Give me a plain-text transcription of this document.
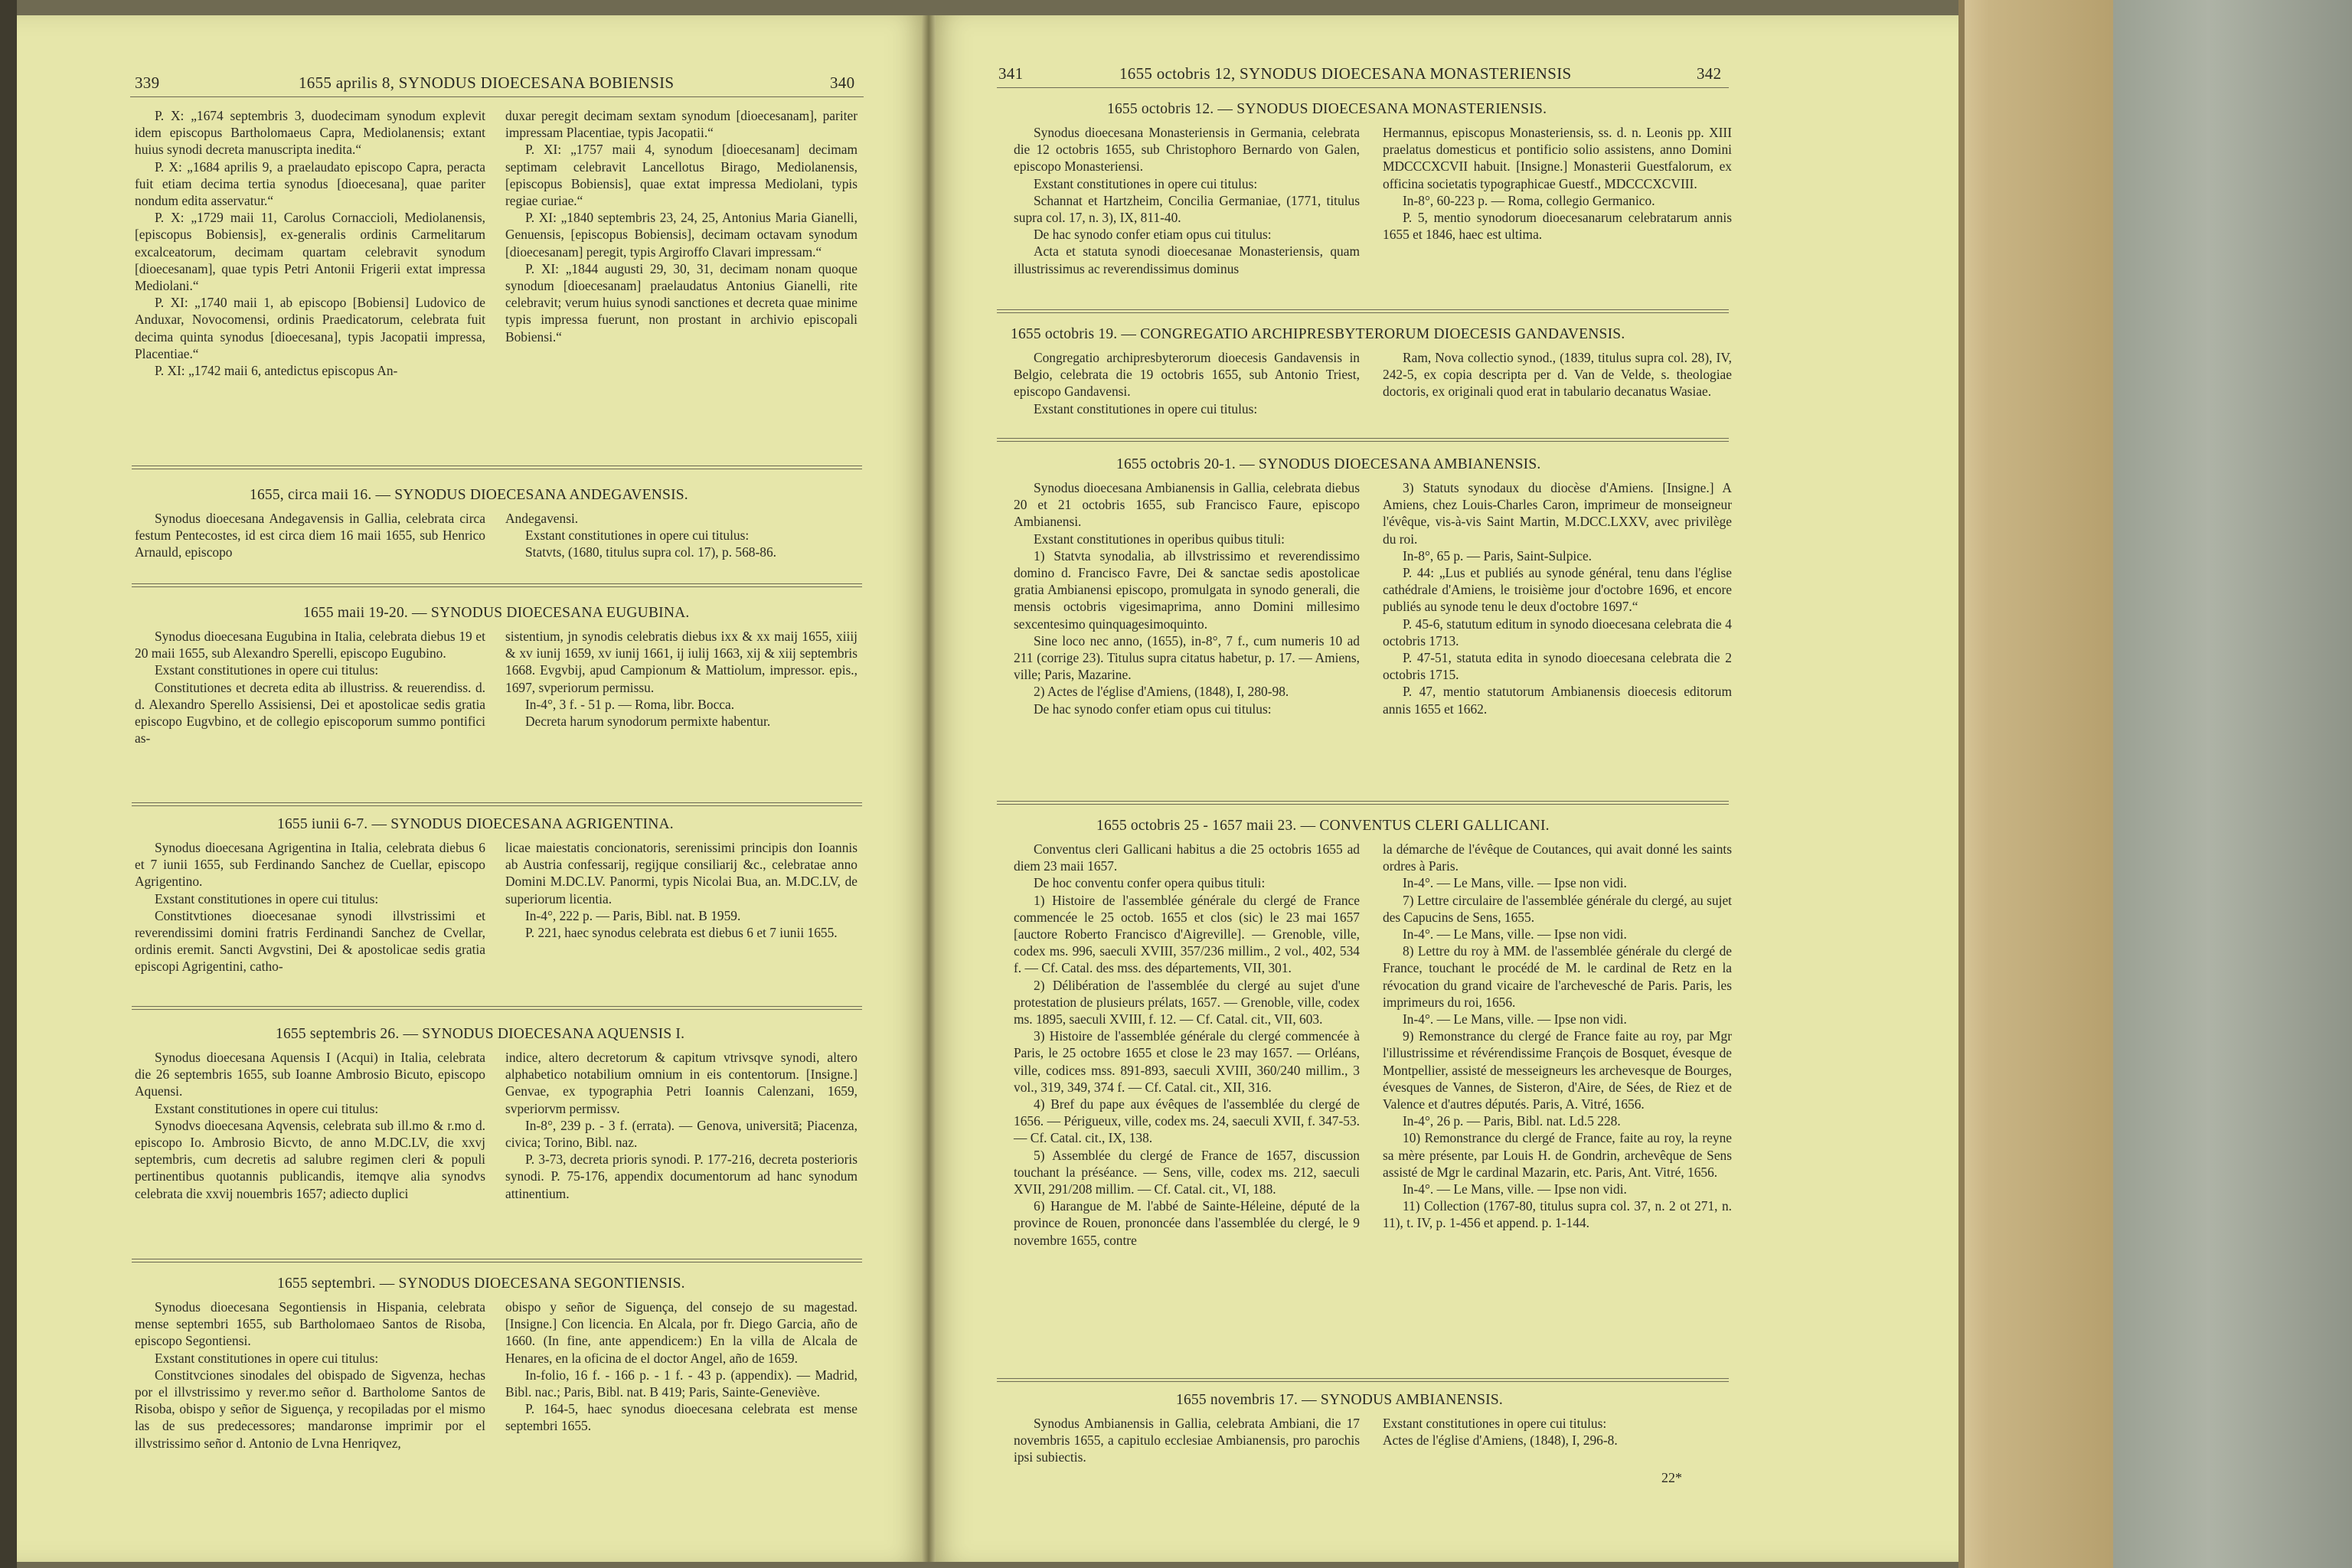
339	1655 aprilis 8, SYNODUS DIOECESANA BOBIENSIS	340

P. X: „1674 septembris 3, duodecimam synodum explevit idem episcopus Bartholomaeus Capra, Mediolanensis; extant huius synodi decreta manuscripta inedita.“

P. X: „1684 aprilis 9, a praelaudato episcopo Capra, peracta fuit etiam decima tertia synodus [dioecesana], quae pariter nondum edita asservatur.“

P. X: „1729 maii 11, Carolus Cornaccioli, Mediolanensis, [episcopus Bobiensis], ex-generalis ordinis Carmelitarum excalceatorum, decimam quartam celebravit synodum [dioecesanam], quae typis Petri Antonii Frigerii extat impressa Mediolani.“

P. XI: „1740 maii 1, ab episcopo [Bobiensi] Ludovico de Anduxar, Novocomensi, ordinis Praedicatorum, celebrata fuit decima quinta synodus [dioecesana], typis Jacopatii impressa, Placentiae.“

P. XI: „1742 maii 6, antedictus episcopus An-

duxar peregit decimam sextam synodum [dioecesanam], pariter impressam Placentiae, typis Jacopatii.“

P. XI: „1757 maii 4, synodum [dioecesanam] decimam septimam celebravit Lancellotus Birago, Mediolanensis, [episcopus Bobiensis], quae extat impressa Mediolani, typis regiae curiae.“

P. XI: „1840 septembris 23, 24, 25, Antonius Maria Gianelli, Genuensis, [episcopus Bobiensis], decimam octavam synodum [dioecesanam] peregit, typis Argiroffo Clavari impressam.“

P. XI: „1844 augusti 29, 30, 31, decimam nonam quoque synodum [dioecesanam] praelaudatus Antonius Gianelli, rite celebravit; verum huius synodi sanctiones et decreta quae minime typis impressa fuerunt, non prostant in archivio episcopali Bobiensi.“

1655, circa maii 16. — SYNODUS DIOECESANA ANDEGAVENSIS.

Synodus dioecesana Andegavensis in Gallia, celebrata circa festum Pentecostes, id est circa diem 16 maii 1655, sub Henrico Arnauld, episcopo

Andegavensi.

Exstant constitutiones in opere cui titulus:

Statvts, (1680, titulus supra col. 17), p. 568-86.

1655 maii 19-20. — SYNODUS DIOECESANA EUGUBINA.

Synodus dioecesana Eugubina in Italia, celebrata diebus 19 et 20 maii 1655, sub Alexandro Sperelli, episcopo Eugubino.

Exstant constitutiones in opere cui titulus:

Constitutiones et decreta edita ab illustriss. & reuerendiss. d. d. Alexandro Sperello Assisiensi, Dei et apostolicae sedis gratia episcopo Eugvbino, et de collegio episcoporum summo pontifici as-

sistentium, jn synodis celebratis diebus ixx & xx maij 1655, xiiij & xv iunij 1659, xv iunij 1661, ij iulij 1663, xij & xiij septembris 1668. Evgvbij, apud Campionum & Mattiolum, impressor. epis., 1697, svperiorum permissu.

In-4°, 3 f. - 51 p. — Roma, libr. Bocca.

Decreta harum synodorum permixte habentur.

1655 iunii 6-7. — SYNODUS DIOECESANA AGRIGENTINA.

Synodus dioecesana Agrigentina in Italia, celebrata diebus 6 et 7 iunii 1655, sub Ferdinando Sanchez de Cuellar, episcopo Agrigentino.

Exstant constitutiones in opere cui titulus:

Constitvtiones dioecesanae synodi illvstrissimi et reverendissimi domini fratris Ferdinandi Sanchez de Cvellar, ordinis eremit. Sancti Avgvstini, Dei & apostolicae sedis gratia episcopi Agrigentini, catho-

licae maiestatis concionatoris, serenissimi principis don Ioannis ab Austria confessarij, regijque consiliarij &c., celebratae anno Domini M.DC.LV. Panormi, typis Nicolai Bua, an. M.DC.LV, de superiorum licentia.

In-4°, 222 p. — Paris, Bibl. nat. B 1959.

P. 221, haec synodus celebrata est diebus 6 et 7 iunii 1655.

1655 septembris 26. — SYNODUS DIOECESANA AQUENSIS I.

Synodus dioecesana Aquensis I (Acqui) in Italia, celebrata die 26 septembris 1655, sub Ioanne Ambrosio Bicuto, episcopo Aquensi.

Exstant constitutiones in opere cui titulus:

Synodvs dioecesana Aqvensis, celebrata sub ill.mo & r.mo d. episcopo Io. Ambrosio Bicvto, de anno M.DC.LV, die xxvj septembris, cum decretis ad salubre regimen cleri & populi pertinentibus quotannis publicandis, itemqve alia synodvs celebrata die xxvij nouembris 1657; adiecto duplici

indice, altero decretorum & capitum vtrivsqve synodi, altero alphabetico notabilium omnium in eis contentorum. [Insigne.] Genvae, ex typographia Petri Ioannis Calenzani, 1659, svperiorvm permissv.

In-8°, 239 p. - 3 f. (errata). — Genova, universitā; Piacenza, civica; Torino, Bibl. naz.

P. 3-73, decreta prioris synodi. P. 177-216, decreta posterioris synodi. P. 75-176, appendix documentorum ad hanc synodum attinentium.

1655 septembri. — SYNODUS DIOECESANA SEGONTIENSIS.

Synodus dioecesana Segontiensis in Hispania, celebrata mense septembri 1655, sub Bartholomaeo Santos de Risoba, episcopo Segontiensi.

Exstant constitutiones in opere cui titulus:

Constitvciones sinodales del obispado de Sigvenza, hechas por el illvstrissimo y rever.mo señor d. Bartholome Santos de Risoba, obispo y señor de Siguença, y recopiladas por el mismo las de sus predecessores; mandaronse imprimir por el illvstrissimo señor d. Antonio de Lvna Henriqvez,

obispo y señor de Siguença, del consejo de su magestad. [Insigne.] Con licencia. En Alcala, por fr. Diego Garcia, año de 1660. (In fine, ante appendicem:) En la villa de Alcala de Henares, en la oficina de el doctor Angel, año de 1659.

In-folio, 16 f. - 166 p. - 1 f. - 43 p. (appendix). — Madrid, Bibl. nac.; Paris, Bibl. nat. B 419; Paris, Sainte-Geneviève.

P. 164-5, haec synodus dioecesana celebrata est mense septembri 1655.

341	1655 octobris 12, SYNODUS DIOECESANA MONASTERIENSIS	342
1655 octobris 12. — SYNODUS DIOECESANA MONASTERIENSIS.

Synodus dioecesana Monasteriensis in Germania, celebrata die 12 octobris 1655, sub Christophoro Bernardo von Galen, episcopo Monasteriensi.

Exstant constitutiones in opere cui titulus:

Schannat et Hartzheim, Concilia Germaniae, (1771, titulus supra col. 17, n. 3), IX, 811-40.

De hac synodo confer etiam opus cui titulus:

Acta et statuta synodi dioecesanae Monasteriensis, quam illustrissimus ac reverendissimus dominus

Hermannus, episcopus Monasteriensis, ss. d. n. Leonis pp. XIII praelatus domesticus et pontificio solio assistens, anno Domini MDCCCXCVII habuit. [Insigne.] Monasterii Guestfalorum, ex officina societatis typographicae Guestf., MDCCCXCVIII.

In-8°, 60-223 p. — Roma, collegio Germanico.

P. 5, mentio synodorum dioecesanarum celebratarum annis 1655 et 1846, haec est ultima.

1655 octobris 19. — CONGREGATIO ARCHIPRESBYTERORUM DIOECESIS GANDAVENSIS.

Congregatio archipresbyterorum dioecesis Gandavensis in Belgio, celebrata die 19 octobris 1655, sub Antonio Triest, episcopo Gandavensi.

Exstant constitutiones in opere cui titulus:

Ram, Nova collectio synod., (1839, titulus supra col. 28), IV, 242-5, ex copia descripta per d. Van de Velde, s. theologiae doctoris, ex originali quod erat in tabulario decanatus Wasiae.

1655 octobris 20-1. — SYNODUS DIOECESANA AMBIANENSIS.

Synodus dioecesana Ambianensis in Gallia, celebrata diebus 20 et 21 octobris 1655, sub Francisco Faure, episcopo Ambianensi.

Exstant constitutiones in operibus quibus tituli:

1) Statvta synodalia, ab illvstrissimo et reverendissimo domino d. Francisco Favre, Dei & sanctae sedis apostolicae gratia Ambianensi episcopo, promulgata in synodo generali, die mensis octobris vigesimaprima, anno Domini millesimo sexcentesimo quinquagesimoquinto.

Sine loco nec anno, (1655), in-8°, 7 f., cum numeris 10 ad 211 (corrige 23). Titulus supra citatus habetur, p. 17. — Amiens, ville; Paris, Mazarine.

2) Actes de l'église d'Amiens, (1848), I, 280-98.

De hac synodo confer etiam opus cui titulus:

3) Statuts synodaux du diocèse d'Amiens. [Insigne.] A Amiens, chez Louis-Charles Caron, imprimeur de monseigneur l'évêque, vis-à-vis Saint Martin, M.DCC.LXXV, avec privilège du roi.

In-8°, 65 p. — Paris, Saint-Sulpice.

P. 44: „Lus et publiés au synode général, tenu dans l'église cathédrale d'Amiens, le troisième jour d'octobre 1696, et encore publiés au synode tenu le deux d'octobre 1697.“

P. 45-6, statutum editum in synodo dioecesana celebrata die 4 octobris 1713.

P. 47-51, statuta edita in synodo dioecesana celebrata die 2 octobris 1715.

P. 47, mentio statutorum Ambianensis dioecesis editorum annis 1655 et 1662.

1655 octobris 25 - 1657 maii 23. — CONVENTUS CLERI GALLICANI.

Conventus cleri Gallicani habitus a die 25 octobris 1655 ad diem 23 maii 1657.

De hoc conventu confer opera quibus tituli:

1) Histoire de l'assemblée générale du clergé de France commencée le 25 octob. 1655 et clos (sic) le 23 mai 1657 [auctore Roberto Francisco d'Aigreville]. — Grenoble, ville, codex ms. 996, saeculi XVIII, 357/236 millim., 2 vol., 402, 534 f. — Cf. Catal. des mss. des départements, VII, 301.

2) Délibération de l'assemblée du clergé au sujet d'une protestation de plusieurs prélats, 1657. — Grenoble, ville, codex ms. 1895, saeculi XVIII, f. 12. — Cf. Catal. cit., VII, 603.

3) Histoire de l'assemblée générale du clergé commencée à Paris, le 25 octobre 1655 et close le 23 may 1657. — Orléans, ville, codices mss. 891-893, saeculi XVIII, 360/240 millim., 3 vol., 319, 349, 374 f. — Cf. Catal. cit., XII, 316.

4) Bref du pape aux évêques de l'assemblée du clergé de 1656. — Périgueux, ville, codex ms. 24, saeculi XVII, f. 347-53. — Cf. Catal. cit., IX, 138.

5) Assemblée du clergé de France de 1657, discussion touchant la préséance. — Sens, ville, codex ms. 212, saeculi XVII, 291/208 millim. — Cf. Catal. cit., VI, 188.

6) Harangue de M. l'abbé de Sainte-Héleine, député de la province de Rouen, prononcée dans l'assemblée du clergé, le 9 novembre 1655, contre

la démarche de l'évêque de Coutances, qui avait donné les saints ordres à Paris.

In-4°. — Le Mans, ville. — Ipse non vidi.

7) Lettre circulaire de l'assemblée générale du clergé, au sujet des Capucins de Sens, 1655.

In-4°. — Le Mans, ville. — Ipse non vidi.

8) Lettre du roy à MM. de l'assemblée générale du clergé de France, touchant le procédé de M. le cardinal de Retz en la révocation du grand vicaire de l'archevesché de Paris. Paris, les imprimeurs du roi, 1656.

In-4°. — Le Mans, ville. — Ipse non vidi.

9) Remonstrance du clergé de France faite au roy, par Mgr l'illustrissime et révérendissime François de Bosquet, évesque de Montpellier, assisté de messeigneurs les archevesque de Bourges, évesques de Vannes, de Sisteron, d'Aire, de Sées, de Riez et de Valence et d'autres députés. Paris, A. Vitré, 1656.

In-4°, 26 p. — Paris, Bibl. nat. Ld.5 228.

10) Remonstrance du clergé de France, faite au roy, la reyne sa mère présente, par Louis H. de Gondrin, archevêque de Sens assisté de Mgr le cardinal Mazarin, etc. Paris, Ant. Vitré, 1656.

In-4°. — Le Mans, ville. — Ipse non vidi.

11) Collection (1767-80, titulus supra col. 37, n. 2 ot 271, n. 11), t. IV, p. 1-456 et append. p. 1-144.

1655 novembris 17. — SYNODUS AMBIANENSIS.

Synodus Ambianensis in Gallia, celebrata Ambiani, die 17 novembris 1655, a capitulo ecclesiae Ambianensis, pro parochis ipsi subiectis.

Exstant constitutiones in opere cui titulus:

Actes de l'église d'Amiens, (1848), I, 296-8.

22*
